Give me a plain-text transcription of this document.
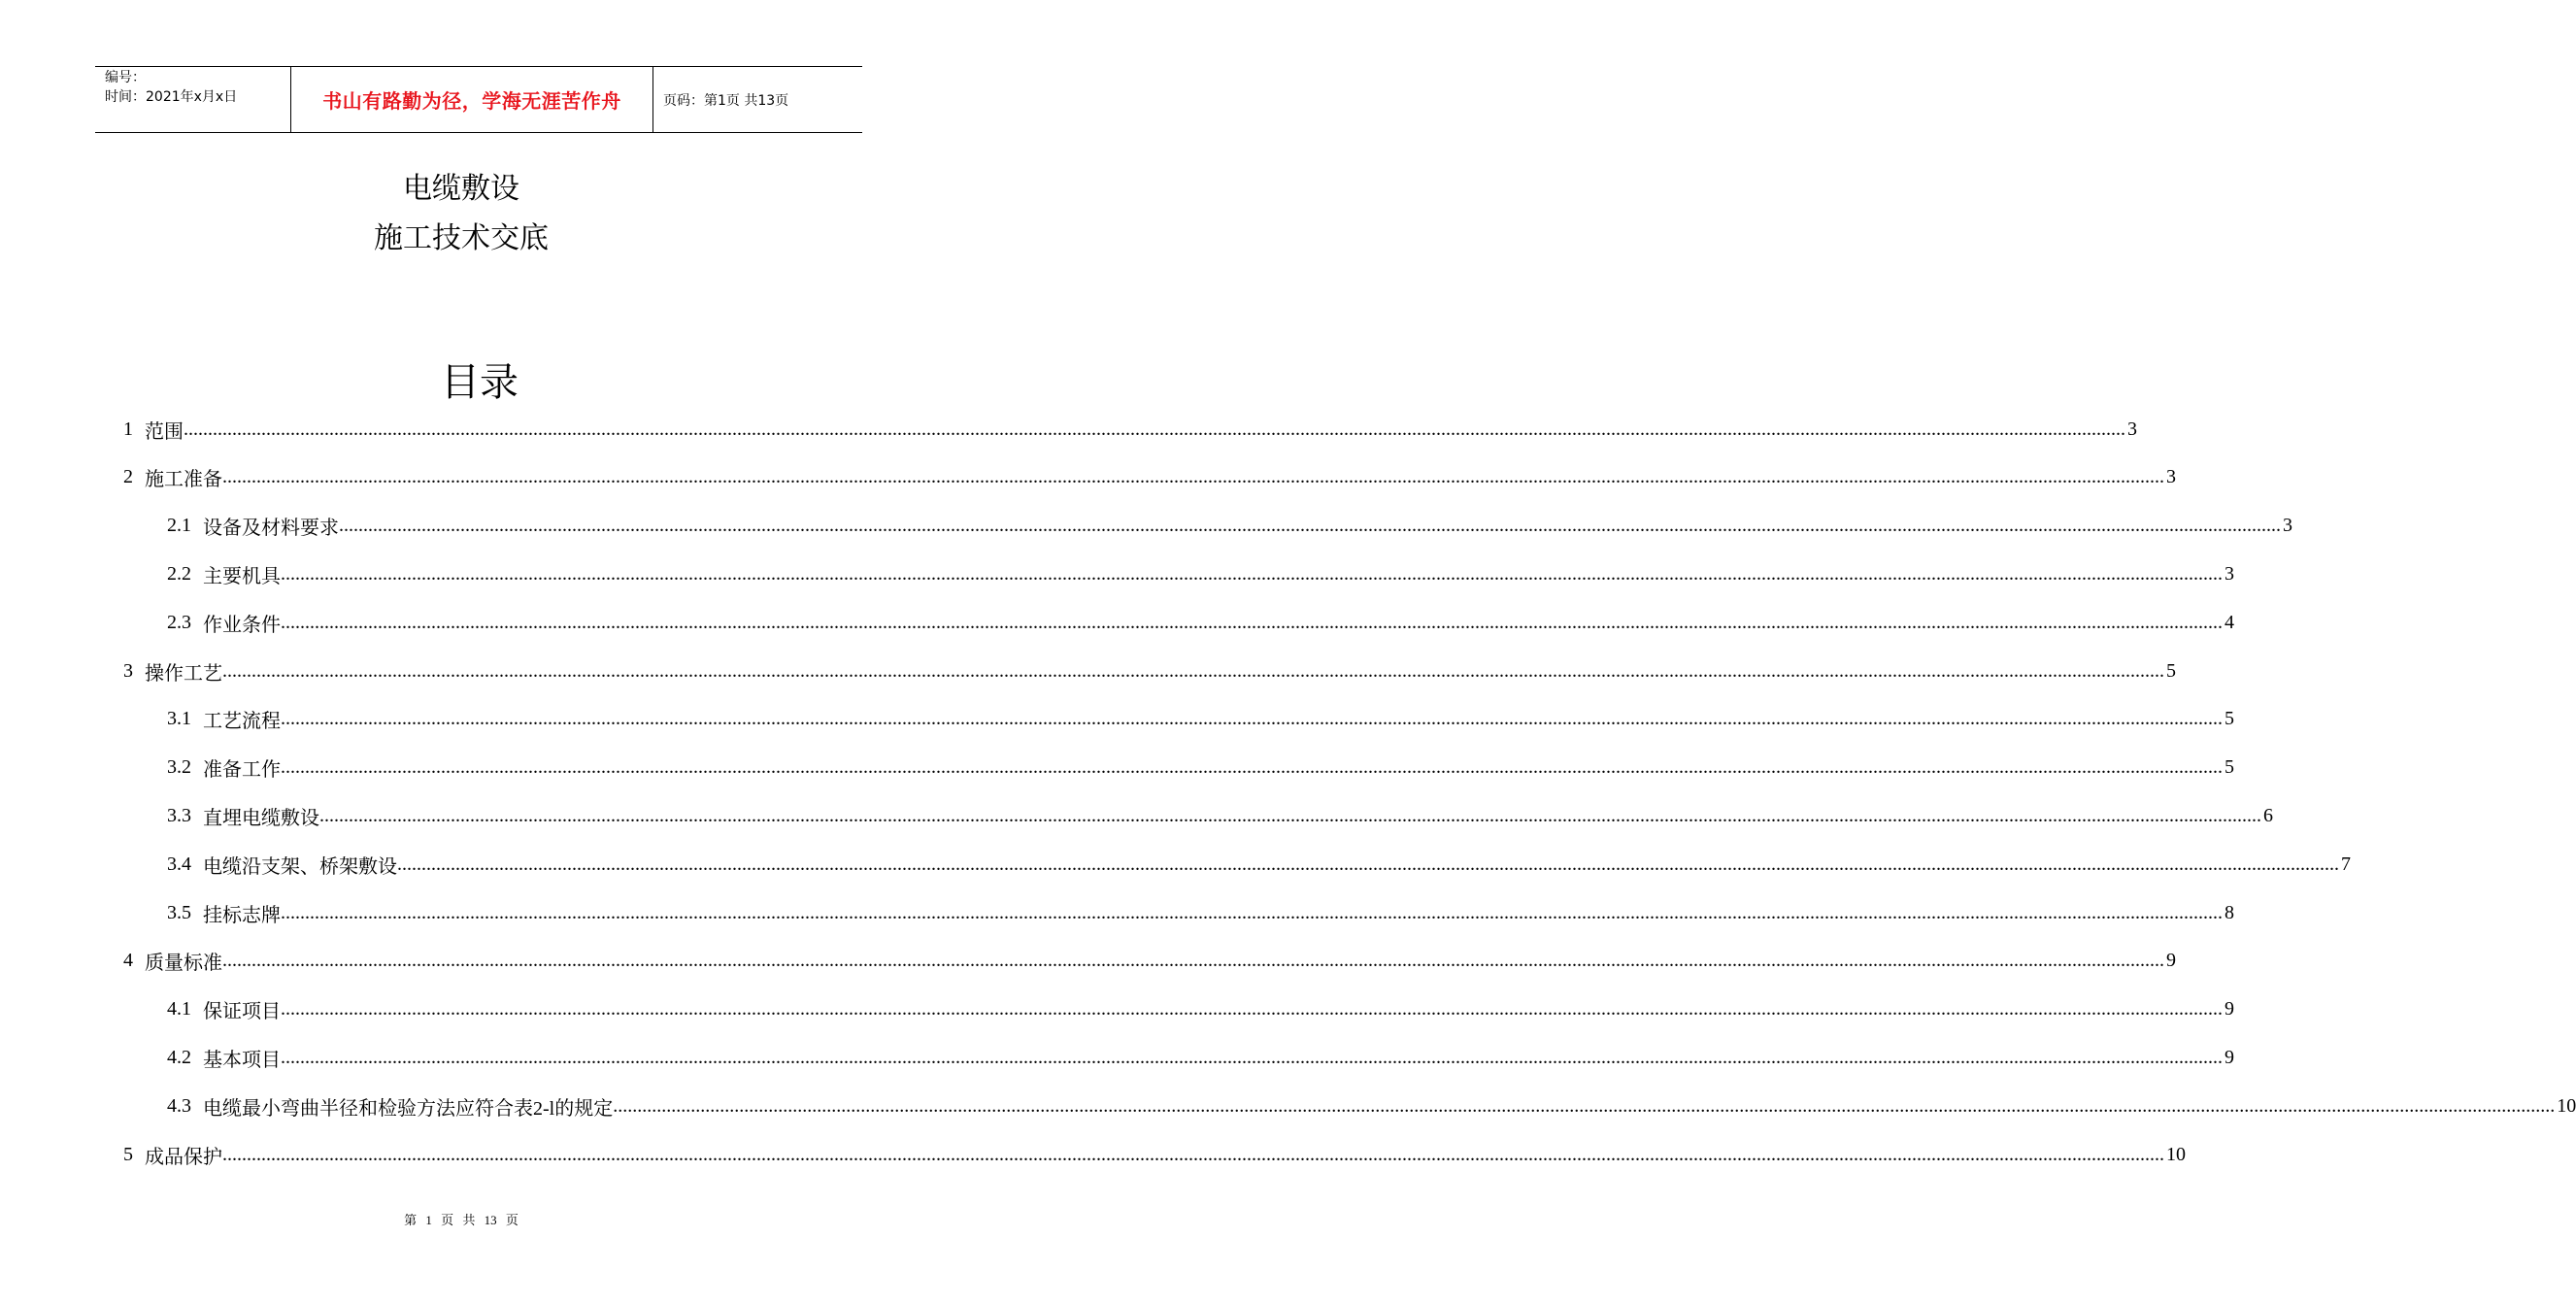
编号：
时间：2021年x月x日	书山有路勤为径，学海无涯苦作舟	页码：第1页 共13页
电缆敷设
施工技术交底
目录
1 范围 ................................................................................................................................................................................................................................................................................................................................................................................................................ 3
2 施工准备 ................................................................................................................................................................................................................................................................................................................................................................................................................ 3
2.1 设备及材料要求 ................................................................................................................................................................................................................................................................................................................................................................................................................ 3
2.2 主要机具 ................................................................................................................................................................................................................................................................................................................................................................................................................ 3
2.3 作业条件 ................................................................................................................................................................................................................................................................................................................................................................................................................ 4
3 操作工艺 ................................................................................................................................................................................................................................................................................................................................................................................................................ 5
3.1 工艺流程 ................................................................................................................................................................................................................................................................................................................................................................................................................ 5
3.2 准备工作 ................................................................................................................................................................................................................................................................................................................................................................................................................ 5
3.3 直埋电缆敷设 ................................................................................................................................................................................................................................................................................................................................................................................................................ 6
3.4 电缆沿支架、桥架敷设 ................................................................................................................................................................................................................................................................................................................................................................................................................ 7
3.5 挂标志牌 ................................................................................................................................................................................................................................................................................................................................................................................................................ 8
4 质量标准 ................................................................................................................................................................................................................................................................................................................................................................................................................ 9
4.1 保证项目 ................................................................................................................................................................................................................................................................................................................................................................................................................ 9
4.2 基本项目 ................................................................................................................................................................................................................................................................................................................................................................................................................ 9
4.3 电缆最小弯曲半径和检验方法应符合表2-l的规定 ................................................................................................................................................................................................................................................................................................................................................................................................................ 10
5 成品保护 ................................................................................................................................................................................................................................................................................................................................................................................................................ 10
第 1 页 共 13 页
